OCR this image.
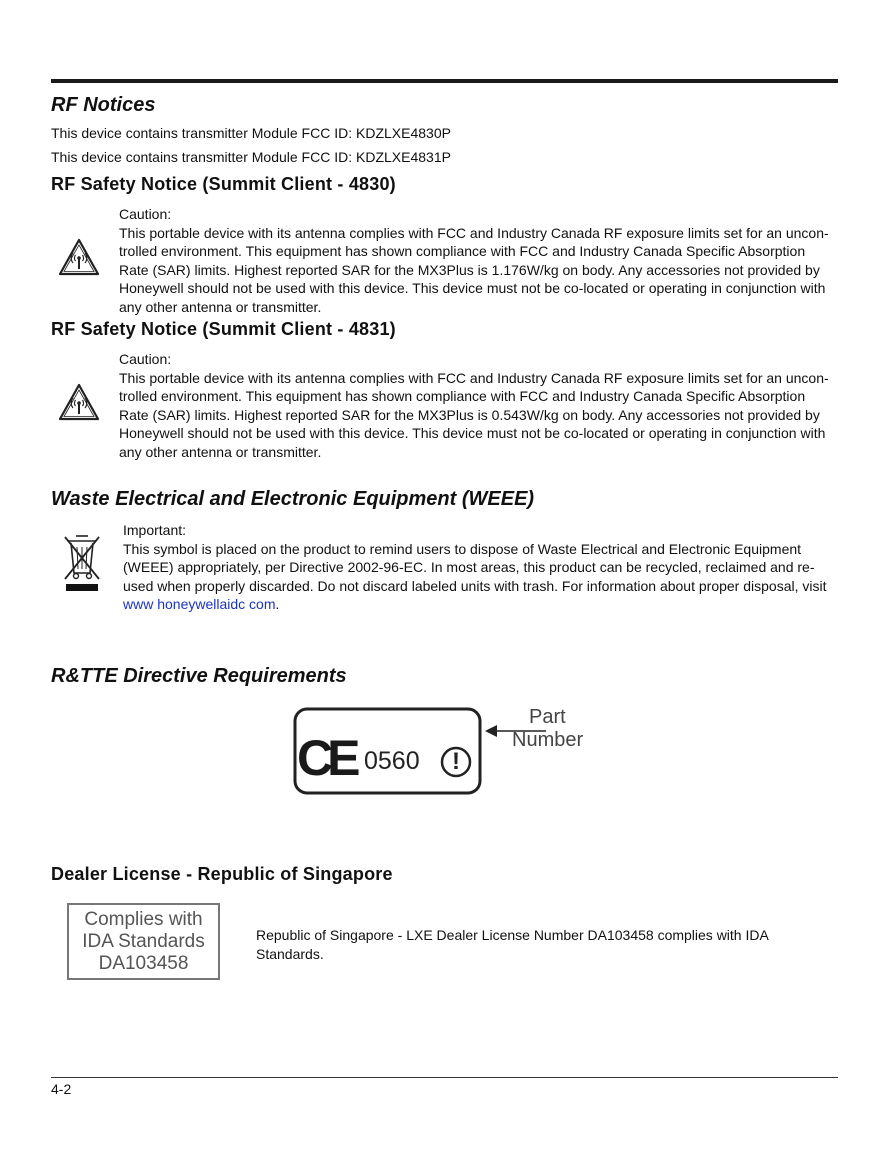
RF Notices
This device contains transmitter Module FCC ID: KDZLXE4830P
This device contains transmitter Module FCC ID: KDZLXE4831P
RF Safety Notice (Summit Client - 4830)
Caution:
This portable device with its antenna complies with FCC and Industry Canada RF exposure limits set for an uncon-
trolled environment. This equipment has shown compliance with FCC and Industry Canada Specific Absorption
Rate (SAR) limits. Highest reported SAR for the MX3Plus is 1.176W/kg on body. Any accessories not provided by
Honeywell should not be used with this device. This device must not be co-located or operating in conjunction with
any other antenna or transmitter.
RF Safety Notice (Summit Client - 4831)
Caution:
This portable device with its antenna complies with FCC and Industry Canada RF exposure limits set for an uncon-
trolled environment. This equipment has shown compliance with FCC and Industry Canada Specific Absorption
Rate (SAR) limits. Highest reported SAR for the MX3Plus is 0.543W/kg on body. Any accessories not provided by
Honeywell should not be used with this device. This device must not be co-located or operating in conjunction with
any other antenna or transmitter.
Waste Electrical and Electronic Equipment (WEEE)
Important:
This symbol is placed on the product to remind users to dispose of Waste Electrical and Electronic Equipment
(WEEE) appropriately, per Directive 2002-96-EC. In most areas, this product can be recycled, reclaimed and re-
used when properly discarded. Do not discard labeled units with trash. For information about proper disposal, visit
www honeywellaidc com.
R&TTE Directive Requirements
CE 0560	!
Part
Number
Dealer License - Republic of Singapore
Complies with
IDA Standards
DA103458
Republic of Singapore - LXE Dealer License Number DA103458 complies with IDA
Standards.
4-2
